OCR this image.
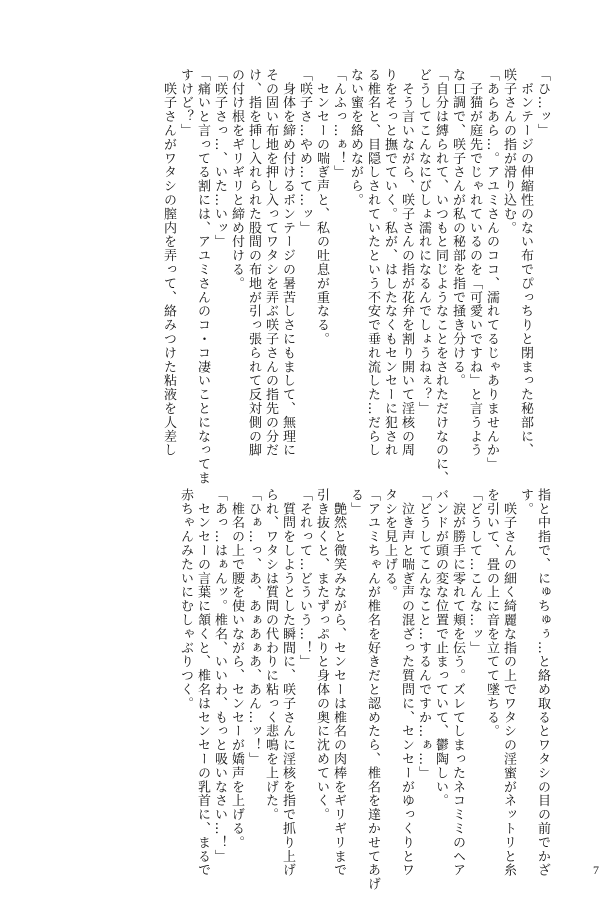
「ひ…ッ」
　ボンテージの伸縮性のない布でぴっちりと閉まった秘部に、
咲子さんの指が滑り込む。
「あらあら…。アユミさんのココ、濡れてるじゃありませんか」
　子猫が庭先でじゃれているのを「可愛いですね」と言うよう
な口調で、咲子さんが私の秘部を指で掻き分ける。
「自分は縛られて、いつもと同じようなことをされただけなのに、
どうしてこんなにびしょ濡れになるんでしょうねぇ？」
　そう言いながら、咲子さんの指が花弁を割り開いて淫核の周
りをそっと撫でていく。私が、はしたなくもセンセーに犯され
る椎名と、目隠しされていたという不安で垂れ流した…だらし
ない蜜を絡めながら。
「んふっ…ぁ！」
　センセーの喘ぎ声と、私の吐息が重なる。
「咲子さ…やめ…て…ッ」
　身体を締め付けるボンテージの暑苦しさにもまして、無理に
その固い布地を押し入ってワタシを弄ぶ咲子さんの指先の分だ
け、指を挿し入れられた股間の布地が引っ張られて反対側の脚
の付け根をギリギリと締め付ける。
「咲子さっ…、いた…いッ」
「痛いと言ってる割には、アユミさんのコ・コ凄いことになってま
すけど？」
　咲子さんがワタシの膣内を弄って、絡みつけた粘液を人差し
指と中指で、にゅちゅぅ…と絡め取るとワタシの目の前でかざ
す。
　咲子さんの細く綺麗な指の上でワタシの淫蜜がネットリと糸
を引いて、畳の上に音を立てて墜ちる。
「どうして…こんな…ッ」
　涙が勝手に零れて頬を伝う。ズレてしまったネコミミのヘア
バンドが頭の変な位置で止まっていて、鬱陶しい。
「どうしてこんなこと…するんですか…ぁ…」
　泣き声と喘ぎ声の混ざった質問に、センセーがゆっくりとワ
タシを見上げる。
「アユミちゃんが椎名を好きだと認めたら、椎名を達かせてあげ
る」
　艶然と微笑みながら、センセーは椎名の肉棒をギリギリまで
引き抜くと、またずっぷりと身体の奥に沈めていく。
「それって…どういう…！」
　質問をしようとした瞬間に、咲子さんに淫核を指で抓り上げ
られ、ワタシは質問の代わりに粘っく悲鳴を上げた。
「ひぁ…っ、あ、あぁあぁあ、あん…ッ！」
　椎名の上で腰を使いながら、センセーが嬌声を上げる。
「あっ…はぁんッ。椎名、いいわ、もっと吸いなさい…！」
　センセーの言葉に頷くと、椎名はセンセーの乳首に、まるで
赤ちゃんみたいにむしゃぶりつく。
7
